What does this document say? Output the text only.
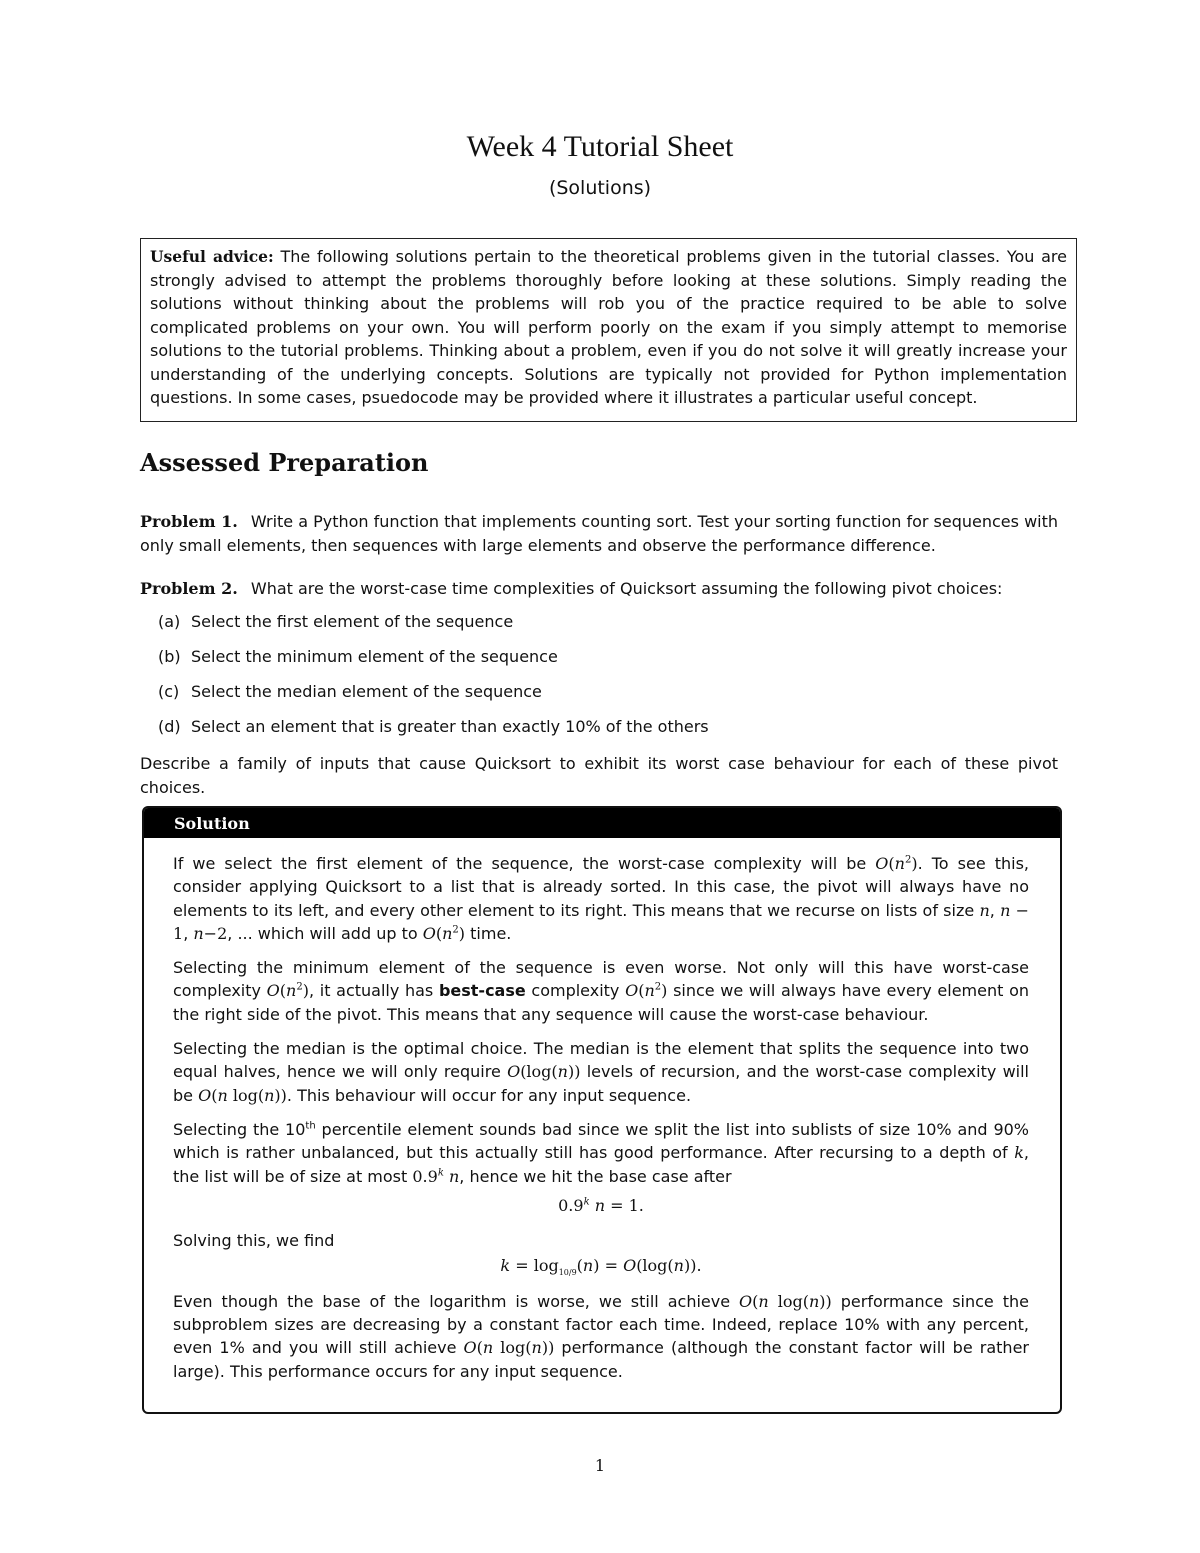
Week 4 Tutorial Sheet
(Solutions)
Useful advice: The following solutions pertain to the theoretical problems given in the tutorial classes. You are strongly advised to attempt the problems thoroughly before looking at these solutions. Simply reading the solutions without thinking about the problems will rob you of the practice required to be able to solve complicated problems on your own. You will perform poorly on the exam if you simply attempt to memorise solutions to the tutorial problems. Thinking about a problem, even if you do not solve it will greatly increase your understanding of the underlying concepts. Solutions are typically not provided for Python implementation questions. In some cases, psuedocode may be provided where it illustrates a particular useful concept.
Assessed Preparation
Problem 1. Write a Python function that implements counting sort. Test your sorting function for sequences with only small elements, then sequences with large elements and observe the performance difference.
Problem 2. What are the worst-case time complexities of Quicksort assuming the following pivot choices:
(a) Select the first element of the sequence
(b) Select the minimum element of the sequence
(c) Select the median element of the sequence
(d) Select an element that is greater than exactly 10% of the others
Describe a family of inputs that cause Quicksort to exhibit its worst case behaviour for each of these pivot choices.
Solution

If we select the first element of the sequence, the worst-case complexity will be $O(n^2)$. To see this, consider applying Quicksort to a list that is already sorted. In this case, the pivot will always have no elements to its left, and every other element to its right. This means that we recurse on lists of size n, n − 1, n−2, ... which will add up to $O(n^2)$ time.

Selecting the minimum element of the sequence is even worse. Not only will this have worst-case complexity $O(n^2)$, it actually has best-case complexity $O(n^2)$ since we will always have every element on the right side of the pivot. This means that any sequence will cause the worst-case behaviour.

Selecting the median is the optimal choice. The median is the element that splits the sequence into two equal halves, hence we will only require O(log(n)) levels of recursion, and the worst-case complexity will be O(n log(n)). This behaviour will occur for any input sequence.

Selecting the 10th percentile element sounds bad since we split the list into sublists of size 10% and 90% which is rather unbalanced, but this actually still has good performance. After recursing to a depth of k, the list will be of size at most 0.9$^k$ n, hence we hit the base case after

0.9$^k$ n = 1.

Solving this, we find

$k = \log_{10/9}(n) = O(\log(n))$.

Even though the base of the logarithm is worse, we still achieve O(n log(n)) performance since the subproblem sizes are decreasing by a constant factor each time. Indeed, replace 10% with any percent, even 1% and you will still achieve O(n log(n)) performance (although the constant factor will be rather large). This performance occurs for any input sequence.

1
